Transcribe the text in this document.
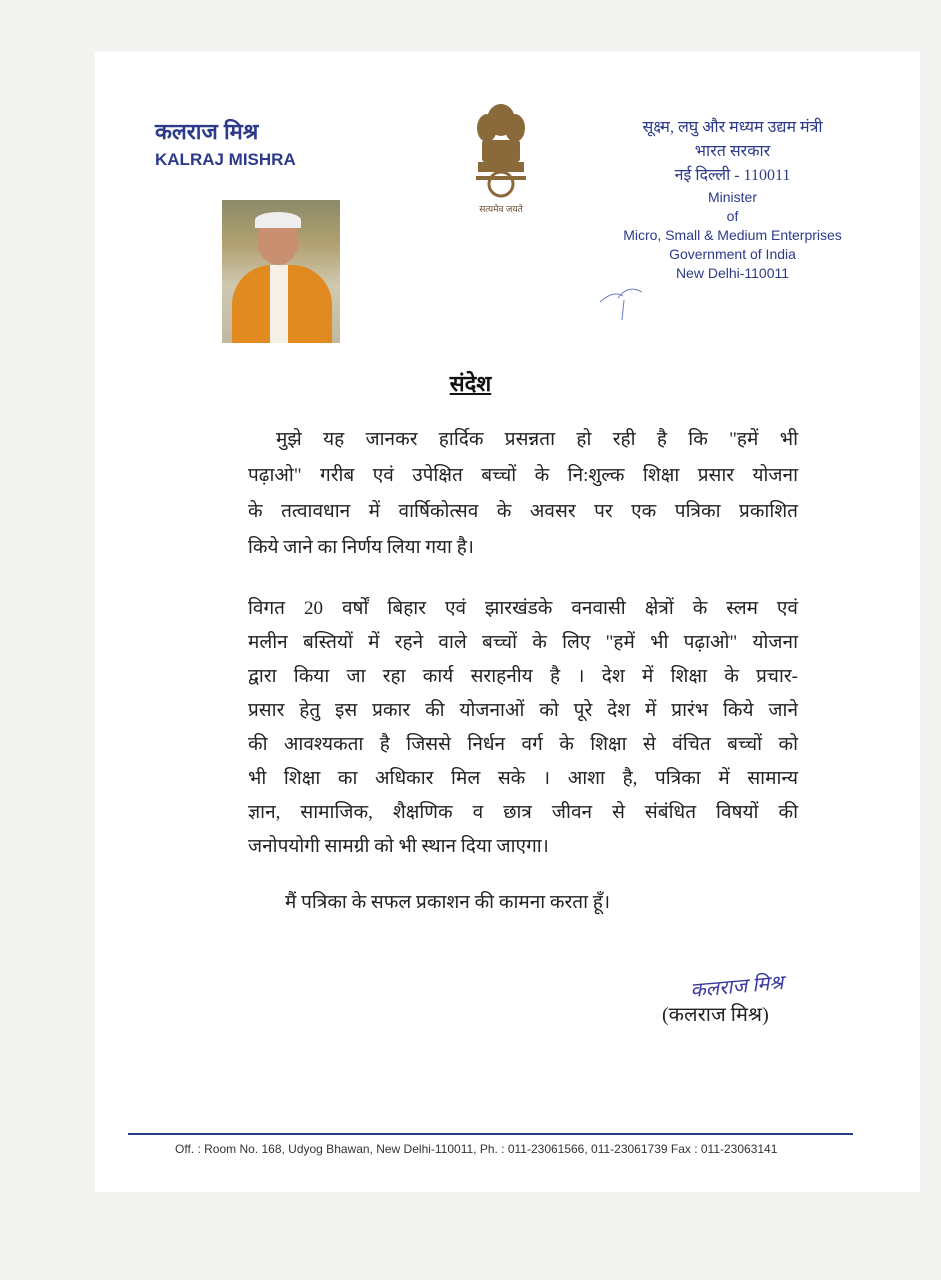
कलराज मिश्र
KALRAJ MISHRA
सत्यमेव जयते
सूक्ष्म, लघु और मध्यम उद्यम मंत्री
भारत सरकार
नई दिल्ली - 110011
Minister
of
Micro, Small & Medium Enterprises
Government of India
New Delhi-110011
संदेश
मुझे यह जानकर हार्दिक प्रसन्नता हो रही है कि "हमें भी
पढ़ाओ" गरीब एवं उपेक्षित बच्चों के नि:शुल्क शिक्षा प्रसार योजना
के तत्वावधान में वार्षिकोत्सव के अवसर पर एक पत्रिका प्रकाशित
किये जाने का निर्णय लिया गया है।
विगत 20 वर्षों बिहार एवं झारखंडके वनवासी क्षेत्रों के स्लम एवं
मलीन बस्तियों में रहने वाले बच्चों के लिए "हमें भी पढ़ाओ" योजना
द्वारा किया जा रहा कार्य सराहनीय है । देश में शिक्षा के प्रचार-
प्रसार हेतु इस प्रकार की योजनाओं को पूरे देश में प्रारंभ किये जाने
की आवश्यकता है जिससे निर्धन वर्ग के शिक्षा से वंचित बच्चों को
भी शिक्षा का अधिकार मिल सके । आशा है, पत्रिका में सामान्य
ज्ञान, सामाजिक, शैक्षणिक व छात्र जीवन से संबंधित विषयों की
जनोपयोगी सामग्री को भी स्थान दिया जाएगा।
मैं पत्रिका के सफल प्रकाशन की कामना करता हूँ।
कलराज मिश्र
(कलराज मिश्र)
Off. : Room No. 168, Udyog Bhawan, New Delhi-110011, Ph. : 011-23061566, 011-23061739 Fax : 011-23063141
